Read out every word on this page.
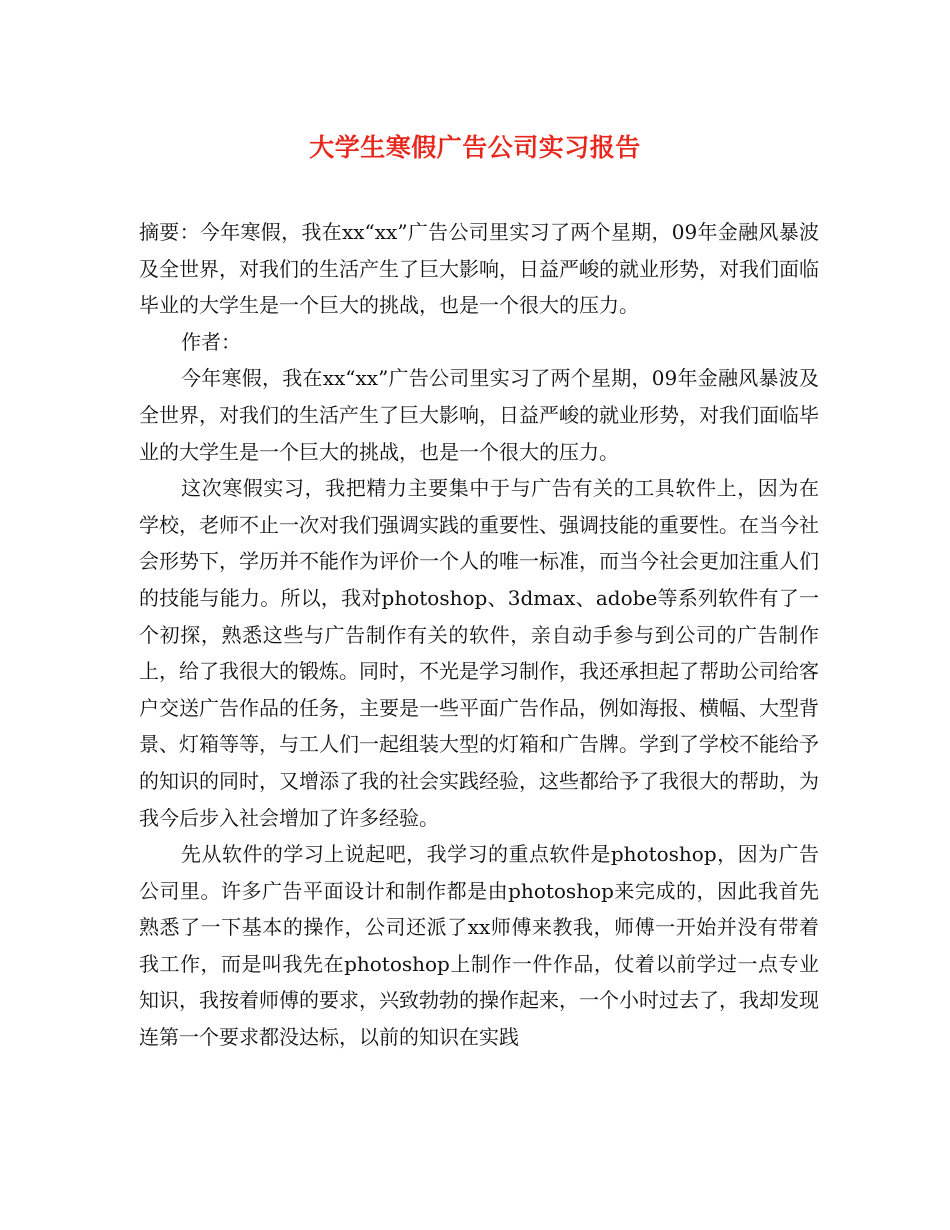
大学生寒假广告公司实习报告

摘要：今年寒假，我在xx“xx”广告公司里实习了两个星期，09年金融风暴波及全世界，对我们的生活产生了巨大影响，日益严峻的就业形势，对我们面临毕业的大学生是一个巨大的挑战，也是一个很大的压力。

作者：

今年寒假，我在xx“xx”广告公司里实习了两个星期，09年金融风暴波及全世界，对我们的生活产生了巨大影响，日益严峻的就业形势，对我们面临毕业的大学生是一个巨大的挑战，也是一个很大的压力。

这次寒假实习，我把精力主要集中于与广告有关的工具软件上，因为在学校，老师不止一次对我们强调实践的重要性、强调技能的重要性。在当今社会形势下，学历并不能作为评价一个人的唯一标准，而当今社会更加注重人们的技能与能力。所以，我对photoshop、3dmax、adobe等系列软件有了一个初探，熟悉这些与广告制作有关的软件，亲自动手参与到公司的广告制作上，给了我很大的锻炼。同时，不光是学习制作，我还承担起了帮助公司给客户交送广告作品的任务，主要是一些平面广告作品，例如海报、横幅、大型背景、灯箱等等，与工人们一起组装大型的灯箱和广告牌。学到了学校不能给予的知识的同时，又增添了我的社会实践经验，这些都给予了我很大的帮助，为我今后步入社会增加了许多经验。

先从软件的学习上说起吧，我学习的重点软件是photoshop，因为广告公司里。许多广告平面设计和制作都是由photoshop来完成的，因此我首先熟悉了一下基本的操作，公司还派了xx师傅来教我，师傅一开始并没有带着我工作，而是叫我先在photoshop上制作一件作品，仗着以前学过一点专业知识，我按着师傅的要求，兴致勃勃的操作起来，一个小时过去了，我却发现连第一个要求都没达标，以前的知识在实践
